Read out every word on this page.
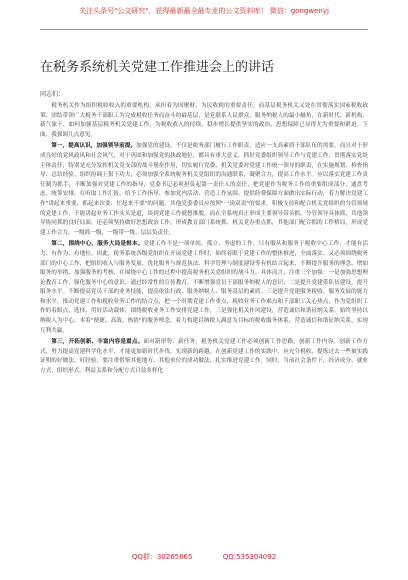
关注头条号"公文研究"，获得最新最全最专业的公文资料库！ 微信：gongwenyj
在税务系统机关党建工作推进会上的讲话
同志们：

税务机关作为组织税收收入的重要机构，承担着为国聚财、为民收税的重要责任，而基层税务机关又处在贯彻落实国家税收政策、团结带领广大税务干部职工为完成税收任务而奋斗的最基层，是党联系人民群众、服务纳税人的最小触角，在新时代、新机构、新气象下，如何加强基层税务机关党建工作，为税收收入的持续、稳步增长提供坚实的政治、思想保障已显得尤为重要和紧迫。下面，我强调几点意见。

第一，提高认识，加强领导前提。加强党的建设，不仅是税务部门履行工作职责、适应一支高素质干部队伍的需要，而且对于形成良好的党风政风和社会风气，对于巩固和加强党的执政地位，都具有重大意义。抓好党委组织领导工作与党建工作，贯彻落实党组主体责任，特别是充分发挥机关党支部的战斗堡垒作用，切实履行党委、机关党委对党建工作统一领导的职责，在实施规划、检查指导、总结经验、组织协调上狠下功夫，必须加强全系统税务机关党组织的沟通联系，凝聚合力，提高工作水平。应以落实党建工作责任制为抓手，不断加强对党建工作的指导，党委书记必须担负起第一责任人的责任，把党建作为税务工作的重要组成部分，通盘考虑，统筹安排，在听取工作汇报、给予工作指导、参加党内活动、营造工作氛围、提供经费保障方面做出实际行动，着力解决党建工作"讲起来重要、抓起来次要、忙起来不要"的问题。其他党委委员应按照"一岗双责"的要求，积极支持和配合机关党组织的分管领域的党建工作，不能讲起业务工作头头是道，谈到党建工作就想推脱，而在全系统真正形成主要领导带头抓，分管领导具体抓，其他领导协同抓的良好局面，还必须坚持做好思想政治工作，形成教育部门系统抓、机关党办重点抓，其他部门配合抓的工作格局，形成党建工作合力，一级抓一级，一级带一级，层层负责任。

第二，围绕中心、服务大局是根本。党建工作不是一项单纯、孤立、务虚的工作，只有服从和服务于税收中心工作，才能有活力、有作为、有地位。因此，税务系统各级党组织在开展党建工作时，始终着眼于党建工作的整体推进，全面落实、又必须围绕税务部门的中心工作，把组织收入与服务发展、优化服务与规范执法、科学管理与制度建设等有机结合起来，不断提升服务的理念、增加服务的举措、加强服务的考核，在围绕中心工作的过程中提高税务机关党组织的战斗力、具体而言，注重三个加强：一是加强思想理论教育工作，强化服务中心的意识，通过经常性的宣传教育，不断增强党员干部服务纳税人的意识；二是提升党建带队伍建设，提升服务水平。不断提高党员干部的业务技能，提高依法行政、服务纳税人、服务基层的素质。三是提升党建服务税收、服务发展的能力和水平，推动党建工作和税收业务工作的结合点，把一个时期党建工作重点，税收业务工作难点和干部职工关心热点，作为党组织工作的着眼点，选择、用好活动载体，围绕税收业务工作安排党建工作，三是强化机关作风建设，营造诚信和谐征纳关系。始终坚持以纳税人为中心，本着"便捷、高效、热情"的服务理念，着力构建以纳税人满意为目标的税收服务体系，营造诚信和谐征纳关系，实现互利共赢。

第三，开拓创新、丰富内容是重点。面对新形势、新任务，税务机关党建工作必须创新工作思路，创新工作内容，创新工作方式，努力提高党建科学化水平，才能更加新时代步伐，实现新的跨越。在创新党建工作的实践中，应充分税收、提炼过去一些被实践证明的好做法、好经验，要注重借鉴其他地方、其他单位的成功做法，扎实推进党建工作。同时，当前社会条件下，经济成分、就业方式，组织形式、利益关系和分配方式日益多样化

QQ群：30265665	QQ:535304092
